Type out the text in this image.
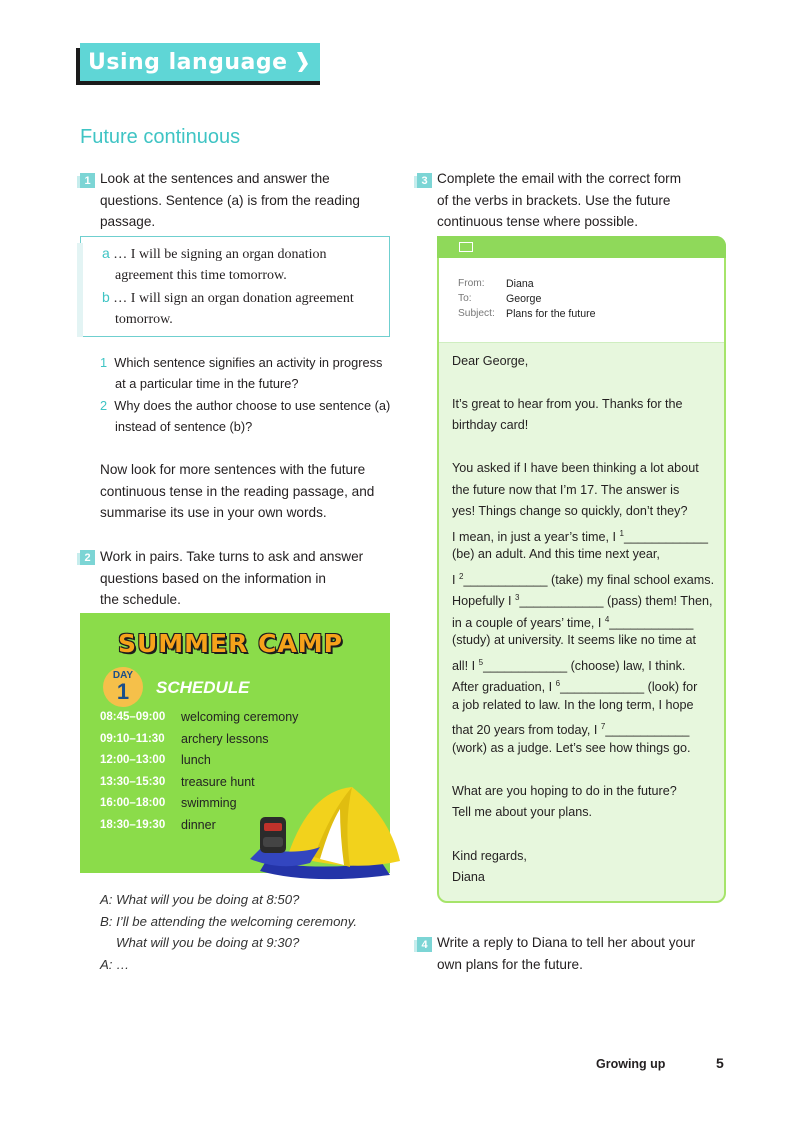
Using language
Future continuous
1 Look at the sentences and answer the
questions. Sentence (a) is from the reading
passage.
a … I will be signing an organ donation
agreement this time tomorrow.
b … I will sign an organ donation agreement
tomorrow.
1 Which sentence signifies an activity in progress
at a particular time in the future?
2 Why does the author choose to use sentence (a)
instead of sentence (b)?
Now look for more sentences with the future
continuous tense in the reading passage, and
summarise its use in your own words.
2 Work in pairs. Take turns to ask and answer
questions based on the information in
the schedule.
SUMMER CAMP
DAY
1 SCHEDULE
08:45–09:00 welcoming ceremony
09:10–11:30 archery lessons
12:00–13:00 lunch
13:30–15:30 treasure hunt
16:00–18:00 swimming
18:30–19:30 dinner
A: What will you be doing at 8:50?
B: I’ll be attending the welcoming ceremony.
What will you be doing at 9:30?
A: …
3 Complete the email with the correct form
of the verbs in brackets. Use the future
continuous tense where possible.
From: Diana
To:	George
Subject: Plans for the future
Dear George,
It’s great to hear from you. Thanks for the
birthday card!
You asked if I have been thinking a lot about
the future now that I’m 17. The answer is
yes! Things change so quickly, don’t they?
I mean, in just a year’s time, I $^1$____________
(be) an adult. And this time next year,
I $^2$____________ (take) my final school exams.
Hopefully I $^3$____________ (pass) them! Then,
in a couple of years’ time, I $^4$____________
(study) at university. It seems like no time at
all! I $^5$____________ (choose) law, I think.
After graduation, I $^6$____________ (look) for
a job related to law. In the long term, I hope
that 20 years from today, I $^7$____________
(work) as a judge. Let’s see how things go.
What are you hoping to do in the future?
Tell me about your plans.
Kind regards,
Diana
4 Write a reply to Diana to tell her about your
own plans for the future.
Growing up	5
